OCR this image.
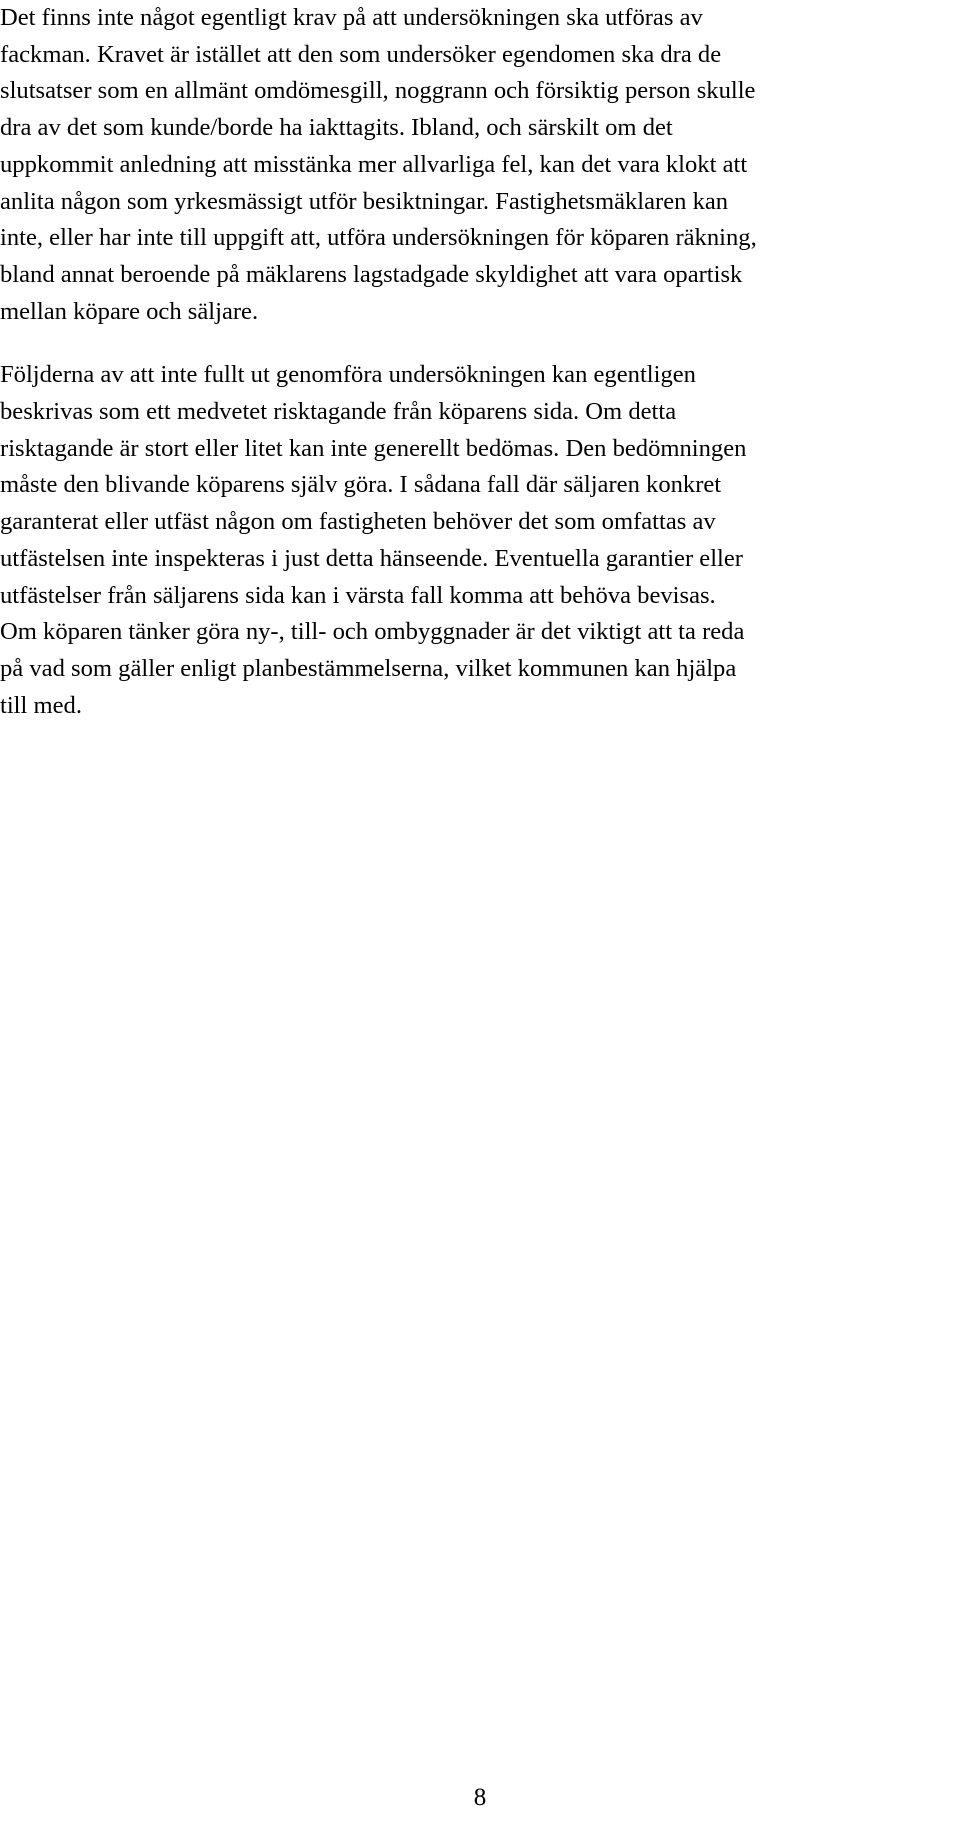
Det finns inte något egentligt krav på att undersökningen ska utföras av
fackman. Kravet är istället att den som undersöker egendomen ska dra de
slutsatser som en allmänt omdömesgill, noggrann och försiktig person skulle
dra av det som kunde/borde ha iakttagits. Ibland, och särskilt om det
uppkommit anledning att misstänka mer allvarliga fel, kan det vara klokt att
anlita någon som yrkesmässigt utför besiktningar. Fastighetsmäklaren kan
inte, eller har inte till uppgift att, utföra undersökningen för köparen räkning,
bland annat beroende på mäklarens lagstadgade skyldighet att vara opartisk
mellan köpare och säljare.

Följderna av att inte fullt ut genomföra undersökningen kan egentligen
beskrivas som ett medvetet risktagande från köparens sida. Om detta
risktagande är stort eller litet kan inte generellt bedömas. Den bedömningen
måste den blivande köparens själv göra. I sådana fall där säljaren konkret
garanterat eller utfäst någon om fastigheten behöver det som omfattas av
utfästelsen inte inspekteras i just detta hänseende. Eventuella garantier eller
utfästelser från säljarens sida kan i värsta fall komma att behöva bevisas.
Om köparen tänker göra ny-, till- och ombyggnader är det viktigt att ta reda
på vad som gäller enligt planbestämmelserna, vilket kommunen kan hjälpa
till med.

8
